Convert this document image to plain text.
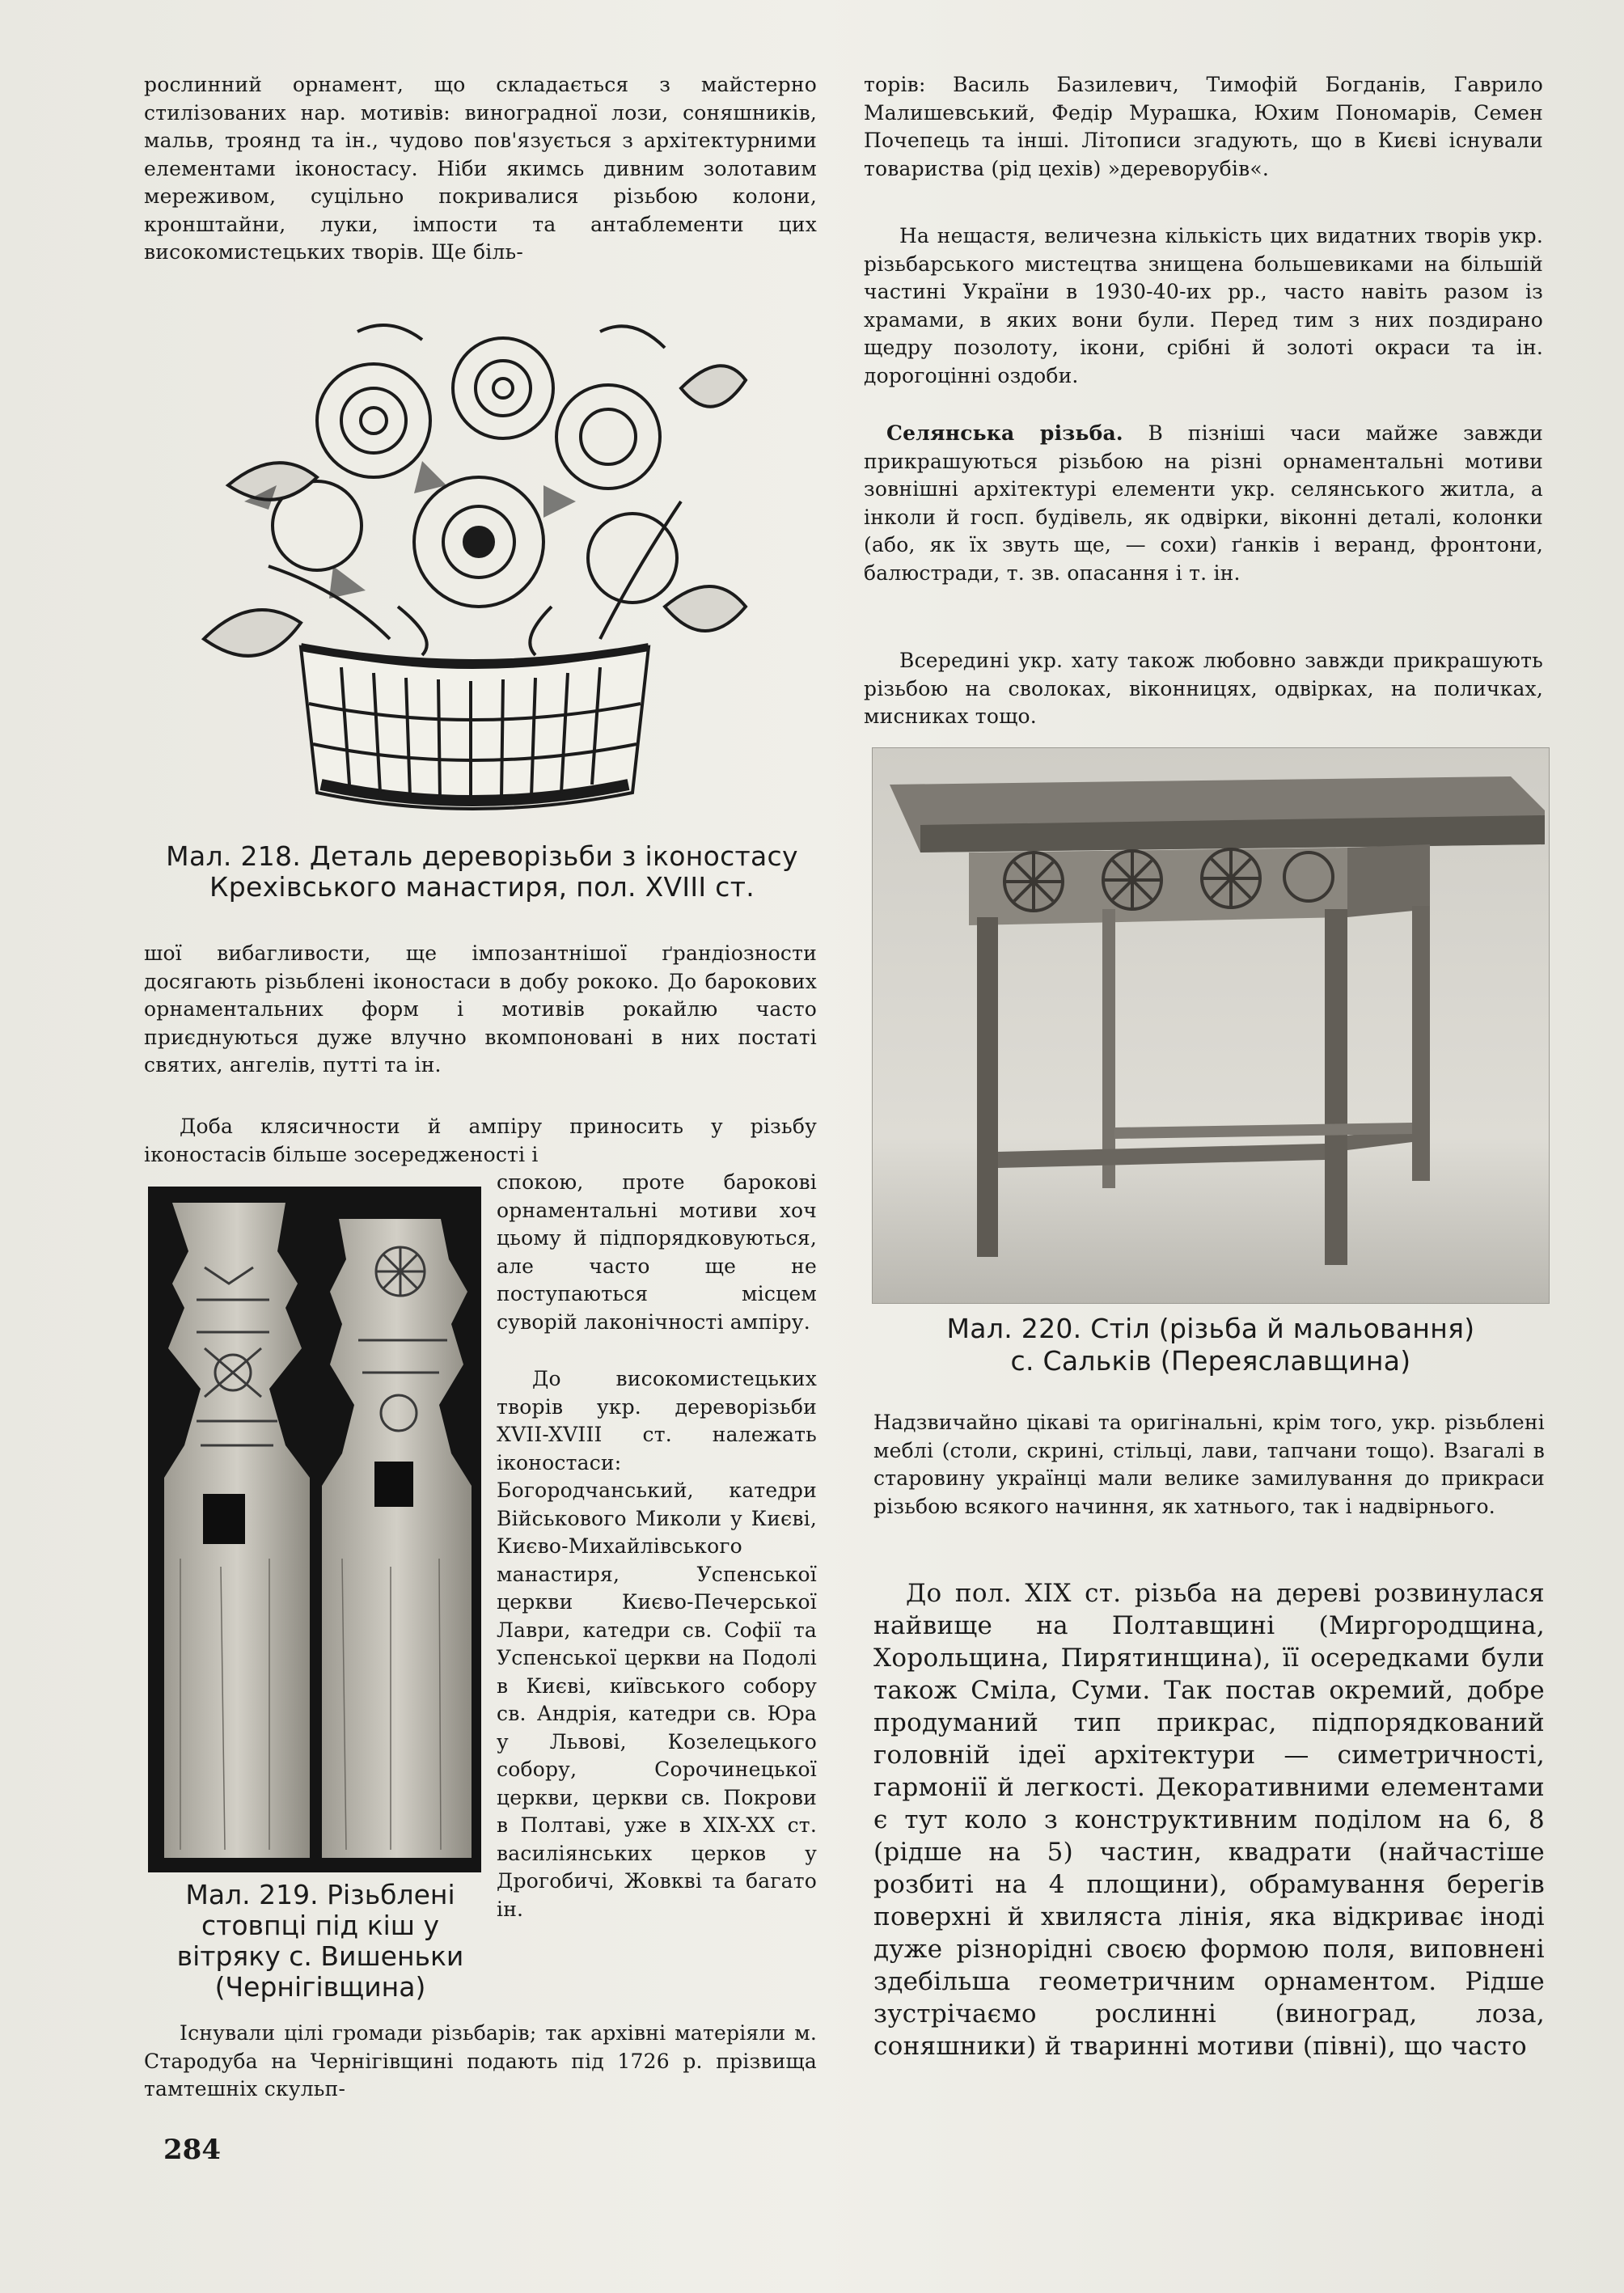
рослинний орнамент, що складається з майстерно стилізованих нар. мотивів: виноградної лози, соняшників, мальв, троянд та ін., чудово пов'язується з архітектурними елементами іконостасу. Ніби якимсь дивним золотавим мереживом, суцільно покривалися різьбою колони, кронштайни, луки, імпости та антаблементи цих високомистецьких творів. Ще біль-
Мал. 218. Деталь дереворізьби з іконостасу Крехівського манастиря, пол. XVIII ст.
шої вибагливости, ще імпозантнішої ґрандіозности досягають різьблені іконостаси в добу рококо. До барокових орнаментальних форм і мотивів рокайлю часто приєднуються дуже влучно вкомпоновані в них постаті святих, ангелів, путті та ін.
Доба клясичности й ампіру приносить у різьбу іконостасів більше зосередженості і
спокою, проте барокові орнаментальні мотиви хоч цьому й підпорядковуються, але часто ще не поступаються місцем суворій лаконічності ампіру.
До високомистецьких творів укр. дереворізьби XVII-XVIII ст. належать іконостаси: Богородчанський, катедри Військового Миколи у Києві, Києво-Михайлівського манастиря, Успенської церкви Києво-Печерської Лаври, катедри св. Софії та Успенської церкви на Подолі в Києві, київського собору св. Андрія, катедри св. Юра у Львові, Козелецького собору, Сорочинецької церкви, церкви св. Покрови в Полтаві, уже в XIX-XX ст. василіянських церков у Дрогобичі, Жовкві та багато ін.
Мал. 219. Різьблені стовпці під кіш у вітряку с. Вишеньки (Чернігівщина)
Існували цілі громади різьбарів; так архівні матеріяли м. Стародуба на Чернігівщині подають під 1726 р. прізвища тамтешніх скульп-
284
торів: Василь Базилевич, Тимофій Богданів, Гаврило Малишевський, Федір Мурашка, Юхим Пономарів, Семен Почепець та інші. Літописи згадують, що в Києві існували товариства (рід цехів) »дереворубів«.
На нещастя, величезна кількість цих видатних творів укр. різьбарського мистецтва знищена большевиками на більшій частині України в 1930-40-их рр., часто навіть разом із храмами, в яких вони були. Перед тим з них поздирано щедру позолоту, ікони, срібні й золоті окраси та ін. дорогоцінні оздоби.
Селянська різьба. В пізніші часи майже завжди прикрашуються різьбою на різні орнаментальні мотиви зовнішні архітектурі елементи укр. селянського житла, а інколи й госп. будівель, як одвірки, віконні деталі, колонки (або, як їх звуть ще, — сохи) ґанків і веранд, фронтони, балюстради, т. зв. опасання і т. ін.
Всередині укр. хату також любовно завжди прикрашують різьбою на сволоках, віконницях, одвірках, на поличках, мисниках тощо.
Мал. 220. Стіл (різьба й мальовання)
с. Сальків (Переяславщина)
Надзвичайно цікаві та оригінальні, крім того, укр. різьблені меблі (столи, скрині, стільці, лави, тапчани тощо). Взагалі в старовину українці мали велике замилування до прикраси різьбою всякого начиння, як хатнього, так і надвірнього.
До пол. XIX ст. різьба на дереві розвинулася найвище на Полтавщині (Миргородщина, Хорольщина, Пирятинщина), її осередками були також Сміла, Суми. Так постав окремий, добре продуманий тип прикрас, підпорядкований головній ідеї архітектури — симетричності, гармонії й легкості. Декоративними елементами є тут коло з конструктивним поділом на 6, 8 (рідше на 5) частин, квадрати (найчастіше розбиті на 4 площини), обрамування берегів поверхні й хвиляста лінія, яка відкриває іноді дуже різнорідні своєю формою поля, виповнені здебільша геометричним орнаментом. Рідше зустрічаємо рослинні (виноград, лоза, соняшники) й тваринні мотиви (півні), що часто
